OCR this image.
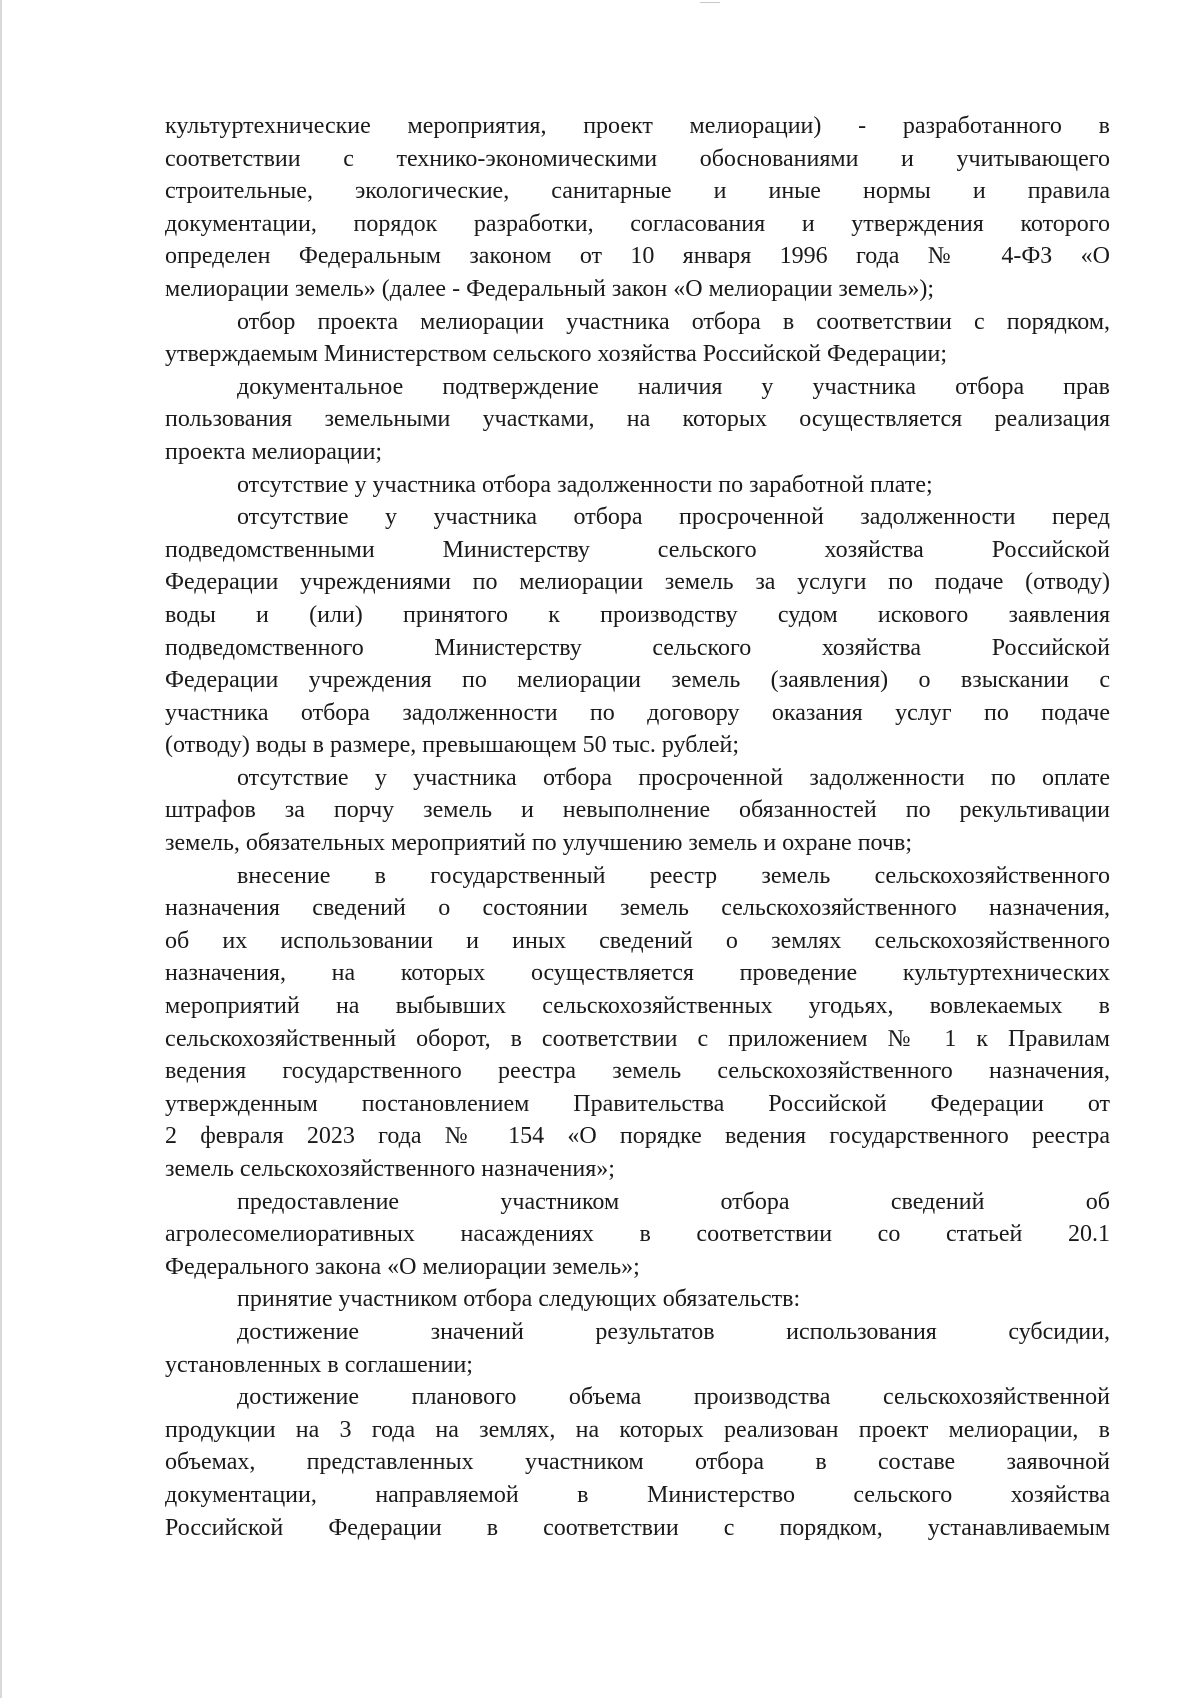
культуртехнические мероприятия, проект мелиорации) - разработанного в
соответствии с технико-экономическими обоснованиями и учитывающего
строительные, экологические, санитарные и иные нормы и правила
документации, порядок разработки, согласования и утверждения которого
определен Федеральным законом от 10 января 1996 года № 4-ФЗ «О
мелиорации земель» (далее - Федеральный закон «О мелиорации земель»);
отбор проекта мелиорации участника отбора в соответствии с порядком,
утверждаемым Министерством сельского хозяйства Российской Федерации;
документальное подтверждение наличия у участника отбора прав
пользования земельными участками, на которых осуществляется реализация
проекта мелиорации;
отсутствие у участника отбора задолженности по заработной плате;
отсутствие у участника отбора просроченной задолженности перед
подведомственными Министерству сельского хозяйства Российской
Федерации учреждениями по мелиорации земель за услуги по подаче (отводу)
воды и (или) принятого к производству судом искового заявления
подведомственного Министерству сельского хозяйства Российской
Федерации учреждения по мелиорации земель (заявления) о взыскании с
участника отбора задолженности по договору оказания услуг по подаче
(отводу) воды в размере, превышающем 50 тыс. рублей;
отсутствие у участника отбора просроченной задолженности по оплате
штрафов за порчу земель и невыполнение обязанностей по рекультивации
земель, обязательных мероприятий по улучшению земель и охране почв;
внесение в государственный реестр земель сельскохозяйственного
назначения сведений о состоянии земель сельскохозяйственного назначения,
об их использовании и иных сведений о землях сельскохозяйственного
назначения, на которых осуществляется проведение культуртехнических
мероприятий на выбывших сельскохозяйственных угодьях, вовлекаемых в
сельскохозяйственный оборот, в соответствии с приложением № 1 к Правилам
ведения государственного реестра земель сельскохозяйственного назначения,
утвержденным постановлением Правительства Российской Федерации от
2 февраля 2023 года № 154 «О порядке ведения государственного реестра
земель сельскохозяйственного назначения»;
предоставление участником отбора сведений об
агролесомелиоративных насаждениях в соответствии со статьей 20.1
Федерального закона «О мелиорации земель»;
принятие участником отбора следующих обязательств:
достижение значений результатов использования субсидии,
установленных в соглашении;
достижение планового объема производства сельскохозяйственной
продукции на 3 года на землях, на которых реализован проект мелиорации, в
объемах, представленных участником отбора в составе заявочной
документации, направляемой в Министерство сельского хозяйства
Российской Федерации в соответствии с порядком, устанавливаемым
